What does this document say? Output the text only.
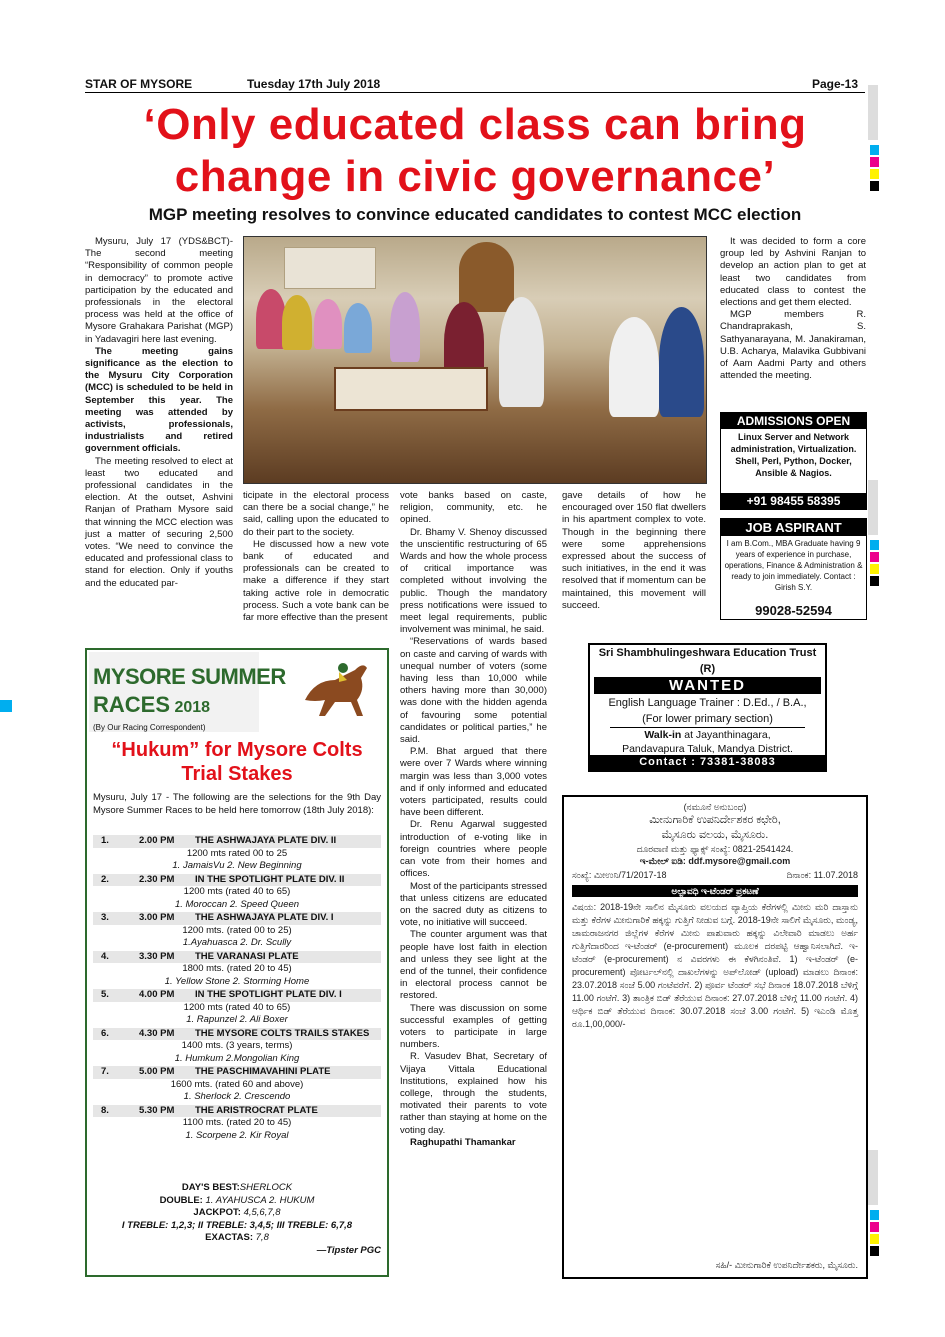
STAR OF MYSORE	Tuesday 17th July 2018	Page-13
‘Only educated class can bring
change in civic governance’
MGP meeting resolves to convince educated candidates to contest MCC election

Mysuru, July 17 (YDS&BCT)- The second meeting “Responsibility of common people in democracy” to promote active participation by the educated and professionals in the electoral process was held at the office of Mysore Grahakara Parishat (MGP) in Yadavagiri here last evening.

The meeting gains significance as the election to the Mysuru City Corporation (MCC) is scheduled to be held in September this year. The meeting was attended by activists, professionals, industrialists and retired government officials.

The meeting resolved to elect at least two educated and professional candidates in the election. At the outset, Ashvini Ranjan of Pratham Mysore said that winning the MCC election was just a matter of securing 2,500 votes. “We need to convince the educated and professional class to stand for election. Only if youths and the educated par-

ticipate in the electoral process can there be a social change,” he said, calling upon the educated to do their part to the society.

He discussed how a new vote bank of educated and professionals can be created to make a difference if they start taking active role in democratic process. Such a vote bank can be far more effective than the present

vote banks based on caste, religion, community, etc. he opined.

Dr. Bhamy V. Shenoy discussed the unscientific restructuring of 65 Wards and how the whole process of critical importance was completed without involving the public. Though the mandatory press notifications were issued to meet legal requirements, public involvement was minimal, he said.

“Reservations of wards based on caste and carving of wards with unequal number of voters (some having less than 10,000 while others having more than 30,000) was done with the hidden agenda of favouring some potential candidates or political parties,” he said.

P.M. Bhat argued that there were over 7 Wards where winning margin was less than 3,000 votes and if only informed and educated voters participated, results could have been different.

Dr. Renu Agarwal suggested introduction of e-voting like in foreign countries where people can vote from their homes and offices.

Most of the participants stressed that unless citizens are educated on the sacred duty as citizens to vote, no initiative will succeed.

The counter argument was that people have lost faith in election and unless they see light at the end of the tunnel, their confidence in electoral process cannot be restored.

There was discussion on some successful examples of getting voters to participate in large numbers.

R. Vasudev Bhat, Secretary of Vijaya Vittala Educational Institutions, explained how his college, through the students, motivated their parents to vote rather than staying at home on the voting day.

Raghupathi Thamankar

gave details of how he encouraged over 150 flat dwellers in his apartment complex to vote. Though in the beginning there were some apprehensions expressed about the success of such initiatives, in the end it was resolved that if momentum can be maintained, this movement will succeed.

It was decided to form a core group led by Ashvini Ranjan to develop an action plan to get at least two candidates from educated class to contest the elections and get them elected.

MGP members R. Chandraprakash, S. Sathyanarayana, M. Janakiraman, U.B. Acharya, Malavika Gubbivani of Aam Aadmi Party and others attended the meeting.

ADMISSIONS OPEN
Linux Server and Network administration, Virtualization. Shell, Perl, Python, Docker, Ansible & Nagios.
+91 98455 58395
JOB ASPIRANT
I am B.Com., MBA Graduate having 9 years of experience in purchase, operations, Finance & Administration & ready to join immediately. Contact : Girish S.Y.
99028-52594
Sri Shambhulingeshwara Education Trust (R)
WANTED
English Language Trainer : D.Ed., / B.A.,
(For lower primary section)
Walk-in at Jayanthinagara,
Pandavapura Taluk, Mandya District.
Contact : 73381-38083
(ನಮೂನೆ ಅನುಬಂಧ)
ಮೀನುಗಾರಿಕೆ ಉಪನಿರ್ದೇಶಕರ ಕಛೇರಿ,
ಮೈಸೂರು ವಲಯ, ಮೈಸೂರು.
ದೂರವಾಣಿ ಮತ್ತು ಫ್ಯಾಕ್ಸ್ ಸಂಖ್ಯೆ: 0821-2541424.
ಇ-ಮೇಲ್ ಐಡಿ: ddf.mysore@gmail.com
ಸಂಖ್ಯೆ: ಮೀಉನಿ/71/2017-18	ದಿನಾಂಕ: 11.07.2018
ಅಲ್ಪಾವಧಿ ಇ-ಟೆಂಡರ್ ಪ್ರಕಟಣೆ
ವಿಷಯ: 2018-19ನೇ ಸಾಲಿನ ಮೈಸೂರು ವಲಯದ ವ್ಯಾಪ್ತಿಯ ಕೆರೆಗಳಲ್ಲಿ ಮೀನು ಮರಿ ದಾಸ್ತಾನು ಮತ್ತು ಕೆರೆಗಳ ಮೀನುಗಾರಿಕೆ ಹಕ್ಕನ್ನು ಗುತ್ತಿಗೆ ನೀಡುವ ಬಗ್ಗೆ. 2018-19ನೇ ಸಾಲಿಗೆ ಮೈಸೂರು, ಮಂಡ್ಯ, ಚಾಮರಾಜನಗರ ಜಿಲ್ಲೆಗಳ ಕೆರೆಗಳ ಮೀನು ಪಾಶುವಾರು ಹಕ್ಕನ್ನು ವಿಲೇವಾರಿ ಮಾಡಲು ಅರ್ಹ ಗುತ್ತಿಗೆದಾರರಿಂದ ಇ-ಟೆಂಡರ್ (e-procurement) ಮೂಲಕ ದರಪಟ್ಟಿ ಆಹ್ವಾನಿಸಲಾಗಿದೆ. ಇ-ಟೆಂಡರ್ (e-procurement) ನ ವಿವರಗಳು ಈ ಕೆಳಗಿನಂತಿವೆ. 1) ಇ-ಟೆಂಡರ್ (e-procurement) ಪೋರ್ಟಲ್‌ನಲ್ಲಿ ದಾಖಲೆಗಳನ್ನು ಅಪ್‌ಲೋಡ್ (upload) ಮಾಡಲು ದಿನಾಂಕ: 23.07.2018 ಸಂಜೆ 5.00 ಗಂಟೆವರೆಗೆ. 2) ಪೂರ್ವ ಟೆಂಡರ್ ಸಭೆ ದಿನಾಂಕ 18.07.2018 ಬೆಳಿಗ್ಗೆ 11.00 ಗಂಟೆಗೆ. 3) ತಾಂತ್ರಿಕ ಬಿಡ್ ತೆರೆಯುವ ದಿನಾಂಕ: 27.07.2018 ಬೆಳಿಗ್ಗೆ 11.00 ಗಂಟೆಗೆ. 4) ಆರ್ಥಿಕ ಬಿಡ್ ತೆರೆಯುವ ದಿನಾಂಕ: 30.07.2018 ಸಂಜೆ 3.00 ಗಂಟೆಗೆ. 5) ಇಎಂಡಿ ಮೊತ್ತ ರೂ.1,00,000/-
ಸಹಿ/- ಮೀನುಗಾರಿಕೆ ಉಪನಿರ್ದೇಶಕರು, ಮೈಸೂರು.
MYSORE SUMMER
RACES 2018
(By Our Racing Correspondent)
“Hukum” for Mysore Colts
Trial Stakes
Mysuru, July 17 - The following are the selections for the 9th Day Mysore Summer Races to be held here tomorrow (18th July 2018):
1.	2.00 PM	THE ASHWAJAYA PLATE DIV. II
1200 mts rated 00 to 25
1. JamaisVu 2. New Beginning
2.	2.30 PM	IN THE SPOTLIGHT PLATE DIV. II
1200 mts (rated 40 to 65)
1. Moroccan 2. Speed Queen
3.	3.00 PM	THE ASHWAJAYA PLATE DIV. I
1200 mts. (rated 00 to 25)
1.Ayahuasca 2. Dr. Scully
4.	3.30 PM	THE VARANASI PLATE
1800 mts. (rated 20 to 45)
1. Yellow Stone 2. Storming Home
5.	4.00 PM	IN THE SPOTLIGHT PLATE DIV. I
1200 mts (rated 40 to 65)
1. Rapunzel 2. Ali Boxer
6.	4.30 PM	THE MYSORE COLTS TRAILS STAKES
1400 mts. (3 years, terms)
1. Humkum 2.Mongolian King
7.	5.00 PM	THE PASCHIMAVAHINI PLATE
1600 mts. (rated 60 and above)
1. Sherlock 2. Crescendo
8.	5.30 PM	THE ARISTROCRAT PLATE
1100 mts. (rated 20 to 45)
1. Scorpene 2. Kir Royal
DAY'S BEST:SHERLOCK
DOUBLE: 1. AYAHUSCA 2. HUKUM
JACKPOT: 4,5,6,7,8
I TREBLE: 1,2,3; II TREBLE: 3,4,5; III TREBLE: 6,7,8
EXACTAS: 7,8
—Tipster PGC
